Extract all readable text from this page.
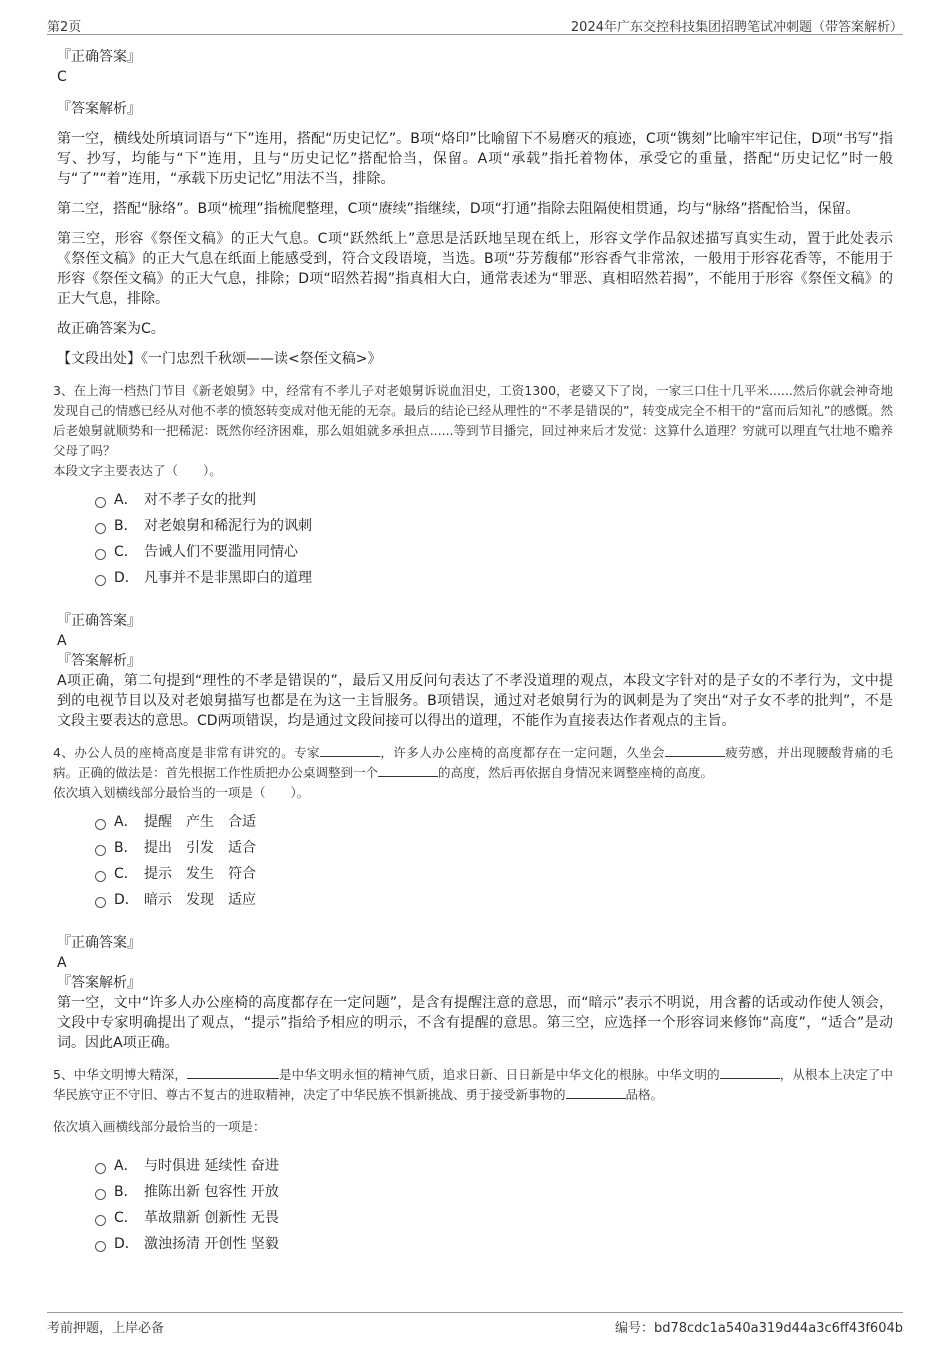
第2页	2024年广东交控科技集团招聘笔试冲刺题（带答案解析）

『正确答案』

C

『答案解析』

第一空，横线处所填词语与“下”连用，搭配“历史记忆”。B项“烙印”比喻留下不易磨灭的痕迹，C项“镌刻”比喻牢牢记住，D项“书写”指写、抄写，均能与“下”连用，且与“历史记忆”搭配恰当，保留。A项“承载”指托着物体，承受它的重量，搭配“历史记忆”时一般与“了”“着”连用，“承载下历史记忆”用法不当，排除。

第二空，搭配“脉络”。B项“梳理”指梳爬整理，C项“赓续”指继续，D项“打通”指除去阻隔使相贯通，均与“脉络”搭配恰当，保留。

第三空，形容《祭侄文稿》的正大气息。C项“跃然纸上”意思是活跃地呈现在纸上，形容文学作品叙述描写真实生动，置于此处表示《祭侄文稿》的正大气息在纸面上能感受到，符合文段语境，当选。B项“芬芳馥郁”形容香气非常浓，一般用于形容花香等，不能用于形容《祭侄文稿》的正大气息，排除；D项“昭然若揭”指真相大白，通常表述为“罪恶、真相昭然若揭”，不能用于形容《祭侄文稿》的正大气息，排除。

故正确答案为C。

【文段出处】《一门忠烈千秋颂——读<祭侄文稿>》

3、在上海一档热门节目《新老娘舅》中，经常有不孝儿子对老娘舅诉说血泪史，工资1300，老婆又下了岗，一家三口住十几平米......然后你就会神奇地发现自己的情感已经从对他不孝的愤怒转变成对他无能的无奈。最后的结论已经从理性的“不孝是错误的”，转变成完全不相干的“富而后知礼”的感慨。然后老娘舅就顺势和一把稀泥：既然你经济困难，那么姐姐就多承担点......等到节目播完，回过神来后才发觉：这算什么道理？穷就可以理直气壮地不赡养父母了吗？

本段文字主要表达了（　　）。

A． 对不孝子女的批判
B． 对老娘舅和稀泥行为的讽刺
C． 告诫人们不要滥用同情心
D． 凡事并不是非黑即白的道理

『正确答案』

A

『答案解析』

A项正确，第二句提到“理性的不孝是错误的”，最后又用反问句表达了不孝没道理的观点，本段文字针对的是子女的不孝行为，文中提到的电视节目以及对老娘舅描写也都是在为这一主旨服务。B项错误，通过对老娘舅行为的讽刺是为了突出“对子女不孝的批判”，不是文段主要表达的意思。CD两项错误，均是通过文段间接可以得出的道理，不能作为直接表达作者观点的主旨。

4、办公人员的座椅高度是非常有讲究的。专家	，许多人办公座椅的高度都存在一定问题，久坐会	疲劳感，并出现腰酸背痛的毛病。正确的做法是：首先根据工作性质把办公桌调整到一个	的高度，然后再依据自身情况来调整座椅的高度。

依次填入划横线部分最恰当的一项是（　　）。

A． 提醒　产生　合适
B． 提出　引发　适合
C． 提示　发生　符合
D． 暗示　发现　适应

『正确答案』

A

『答案解析』

第一空，文中“许多人办公座椅的高度都存在一定问题”，是含有提醒注意的意思，而“暗示”表示不明说，用含蓄的话或动作使人领会，文段中专家明确提出了观点，“提示”指给予相应的明示，不含有提醒的意思。第三空，应选择一个形容词来修饰“高度”，“适合”是动词。因此A项正确。

5、中华文明博大精深，	是中华文明永恒的精神气质，追求日新、日日新是中华文化的根脉。中华文明的	，从根本上决定了中华民族守正不守旧、尊古不复古的进取精神，决定了中华民族不惧新挑战、勇于接受新事物的	品格。

依次填入画横线部分最恰当的一项是：

A． 与时俱进 延续性 奋进
B． 推陈出新 包容性 开放
C． 革故鼎新 创新性 无畏
D． 激浊扬清 开创性 坚毅
考前押题，上岸必备	编号：bd78cdc1a540a319d44a3c6ff43f604b
